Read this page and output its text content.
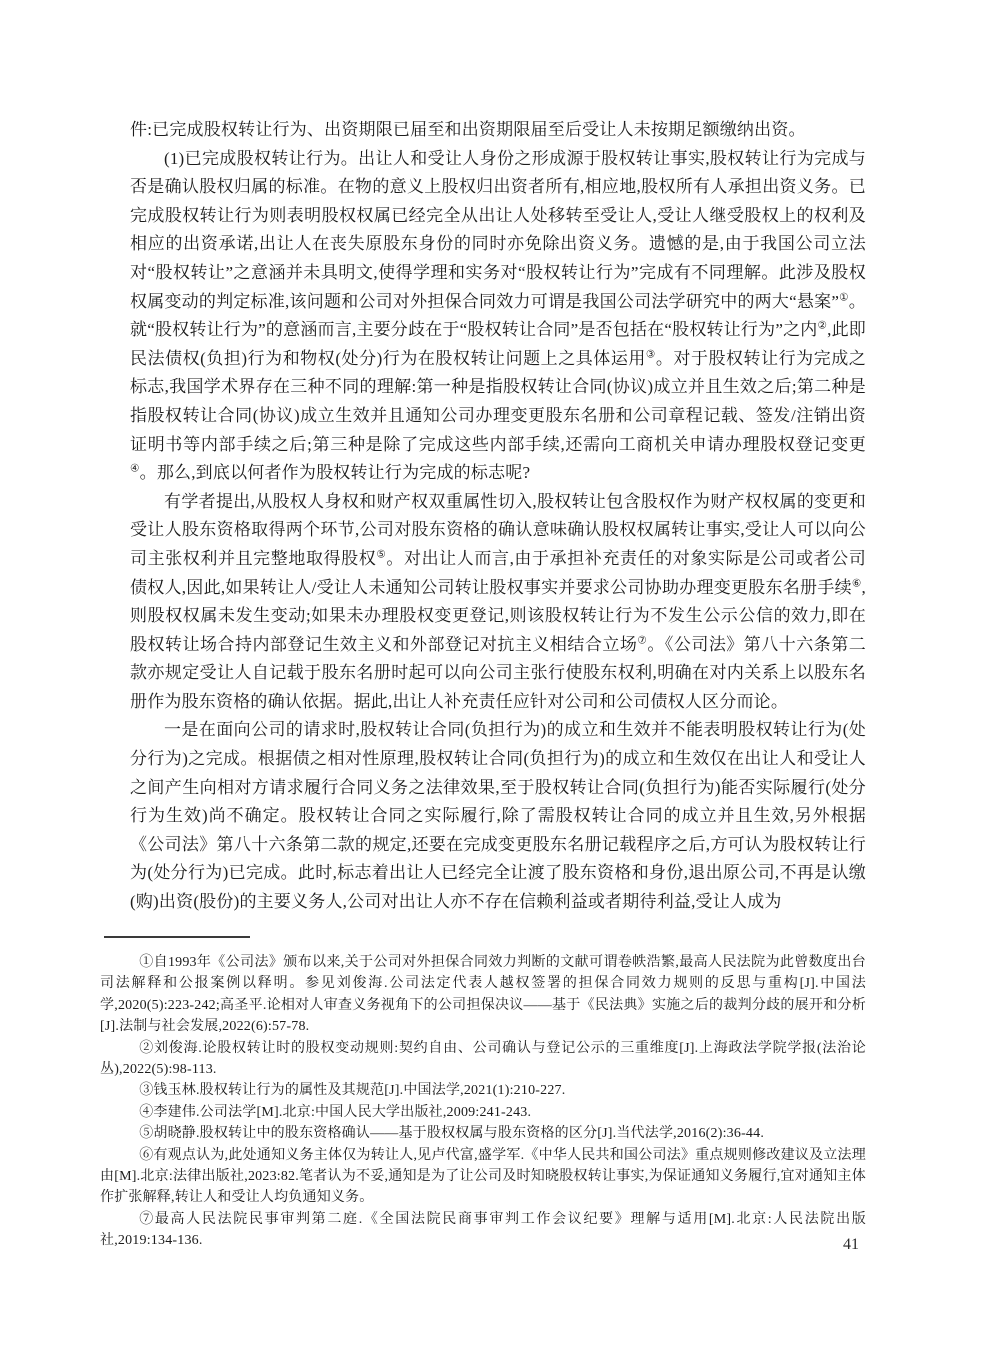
件:已完成股权转让行为、出资期限已届至和出资期限届至后受让人未按期足额缴纳出资。

(1)已完成股权转让行为。出让人和受让人身份之形成源于股权转让事实,股权转让行为完成与否是确认股权归属的标准。在物的意义上股权归出资者所有,相应地,股权所有人承担出资义务。已完成股权转让行为则表明股权权属已经完全从出让人处移转至受让人,受让人继受股权上的权利及相应的出资承诺,出让人在丧失原股东身份的同时亦免除出资义务。遗憾的是,由于我国公司立法对“股权转让”之意涵并未具明文,使得学理和实务对“股权转让行为”完成有不同理解。此涉及股权权属变动的判定标准,该问题和公司对外担保合同效力可谓是我国公司法学研究中的两大“悬案”①。就“股权转让行为”的意涵而言,主要分歧在于“股权转让合同”是否包括在“股权转让行为”之内②,此即民法债权(负担)行为和物权(处分)行为在股权转让问题上之具体运用③。对于股权转让行为完成之标志,我国学术界存在三种不同的理解:第一种是指股权转让合同(协议)成立并且生效之后;第二种是指股权转让合同(协议)成立生效并且通知公司办理变更股东名册和公司章程记载、签发/注销出资证明书等内部手续之后;第三种是除了完成这些内部手续,还需向工商机关申请办理股权登记变更④。那么,到底以何者作为股权转让行为完成的标志呢?

有学者提出,从股权人身权和财产权双重属性切入,股权转让包含股权作为财产权权属的变更和受让人股东资格取得两个环节,公司对股东资格的确认意味确认股权权属转让事实,受让人可以向公司主张权利并且完整地取得股权⑤。对出让人而言,由于承担补充责任的对象实际是公司或者公司债权人,因此,如果转让人/受让人未通知公司转让股权事实并要求公司协助办理变更股东名册手续⑥,则股权权属未发生变动;如果未办理股权变更登记,则该股权转让行为不发生公示公信的效力,即在股权转让场合持内部登记生效主义和外部登记对抗主义相结合立场⑦。《公司法》第八十六条第二款亦规定受让人自记载于股东名册时起可以向公司主张行使股东权利,明确在对内关系上以股东名册作为股东资格的确认依据。据此,出让人补充责任应针对公司和公司债权人区分而论。

一是在面向公司的请求时,股权转让合同(负担行为)的成立和生效并不能表明股权转让行为(处分行为)之完成。根据债之相对性原理,股权转让合同(负担行为)的成立和生效仅在出让人和受让人之间产生向相对方请求履行合同义务之法律效果,至于股权转让合同(负担行为)能否实际履行(处分行为生效)尚不确定。股权转让合同之实际履行,除了需股权转让合同的成立并且生效,另外根据《公司法》第八十六条第二款的规定,还要在完成变更股东名册记载程序之后,方可认为股权转让行为(处分行为)已完成。此时,标志着出让人已经完全让渡了股东资格和身份,退出原公司,不再是认缴(购)出资(股份)的主要义务人,公司对出让人亦不存在信赖利益或者期待利益,受让人成为

①自1993年《公司法》颁布以来,关于公司对外担保合同效力判断的文献可谓卷帙浩繁,最高人民法院为此曾数度出台司法解释和公报案例以释明。参见刘俊海.公司法定代表人越权签署的担保合同效力规则的反思与重构[J].中国法学,2020(5):223-242;高圣平.论相对人审查义务视角下的公司担保决议——基于《民法典》实施之后的裁判分歧的展开和分析[J].法制与社会发展,2022(6):57-78.

②刘俊海.论股权转让时的股权变动规则:契约自由、公司确认与登记公示的三重维度[J].上海政法学院学报(法治论丛),2022(5):98-113.

③钱玉林.股权转让行为的属性及其规范[J].中国法学,2021(1):210-227.

④李建伟.公司法学[M].北京:中国人民大学出版社,2009:241-243.

⑤胡晓静.股权转让中的股东资格确认——基于股权权属与股东资格的区分[J].当代法学,2016(2):36-44.

⑥有观点认为,此处通知义务主体仅为转让人,见卢代富,盛学军.《中华人民共和国公司法》重点规则修改建议及立法理由[M].北京:法律出版社,2023:82.笔者认为不妥,通知是为了让公司及时知晓股权转让事实,为保证通知义务履行,宜对通知主体作扩张解释,转让人和受让人均负通知义务。

⑦最高人民法院民事审判第二庭.《全国法院民商事审判工作会议纪要》理解与适用[M].北京:人民法院出版社,2019:134-136.	41
